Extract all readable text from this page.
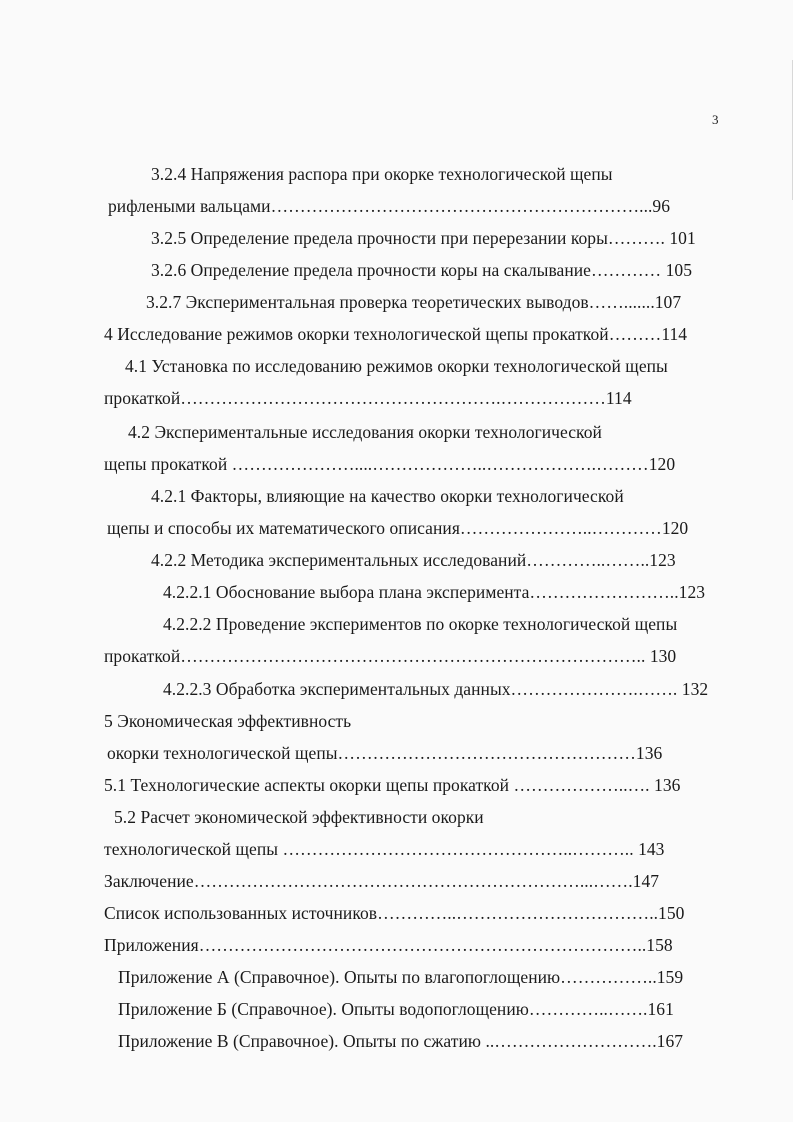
3
3.2.4 Напряжения распора при окорке технологической щепы
рифлеными вальцами………………………………………………………...96
3.2.5 Определение предела прочности при перерезании коры………. 101
3.2.6 Определение предела прочности коры на скалывание………… 105
3.2.7 Экспериментальная проверка теоретических выводов…….......107
4 Исследование режимов окорки технологической щепы прокаткой………114
4.1 Установка по исследованию режимов окорки технологической щепы
прокаткой……………………………………………….………………114
4.2 Экспериментальные исследования окорки технологической
щепы прокаткой …………………....………………..……………….………120
4.2.1 Факторы, влияющие на качество окорки технологической
щепы и способы их математического описания…………………..…………120
4.2.2 Методика экспериментальных исследований…………..……..123
4.2.2.1 Обоснование выбора плана эксперимента……………………..123
4.2.2.2 Проведение экспериментов по окорке технологической щепы
прокаткой…………………………………………………………………….. 130
4.2.2.3 Обработка экспериментальных данных………………….……. 132
5 Экономическая эффективность
окорки технологической щепы……………………………………………136
5.1 Технологические аспекты окорки щепы прокаткой ………………..…. 136
5.2 Расчет экономической эффективности окорки
технологической щепы …………………………………………..……….. 143
Заключение…………………………………………………………...…….147
Список использованных источников…………..……………………………..150
Приложения…………………………………………………………………..158
Приложение А (Справочное). Опыты по влагопоглощению……………..159
Приложение Б (Справочное). Опыты водопоглощению…………..…….161
Приложение В (Справочное). Опыты по сжатию ..……………………….167
